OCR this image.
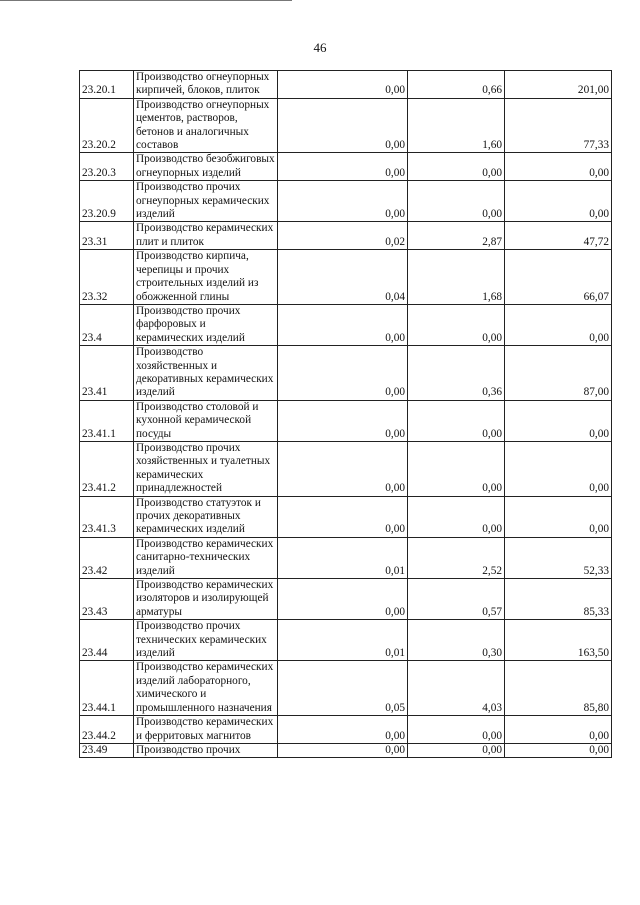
46
23.20.1	Производство огнеупорных кирпичей, блоков, плиток	0,00	0,66	201,00
23.20.2	Производство огнеупорных цементов, растворов, бетонов и аналогичных составов	0,00	1,60	77,33
23.20.3	Производство безобжиговых огнеупорных изделий	0,00	0,00	0,00
23.20.9	Производство прочих огнеупорных керамических изделий	0,00	0,00	0,00
23.31	Производство керамических плит и плиток	0,02	2,87	47,72
23.32	Производство кирпича, черепицы и прочих строительных изделий из обожженной глины	0,04	1,68	66,07
23.4	Производство прочих фарфоровых и керамических изделий	0,00	0,00	0,00
23.41	Производство хозяйственных и декоративных керамических изделий	0,00	0,36	87,00
23.41.1	Производство столовой и кухонной керамической посуды	0,00	0,00	0,00
23.41.2	Производство прочих хозяйственных и туалетных керамических принадлежностей	0,00	0,00	0,00
23.41.3	Производство статуэток и прочих декоративных керамических изделий	0,00	0,00	0,00
23.42	Производство керамических санитарно-технических изделий	0,01	2,52	52,33
23.43	Производство керамических изоляторов и изолирующей арматуры	0,00	0,57	85,33
23.44	Производство прочих технических керамических изделий	0,01	0,30	163,50
23.44.1	Производство керамических изделий лабораторного, химического и промышленного назначения	0,05	4,03	85,80
23.44.2	Производство керамических и ферритовых магнитов	0,00	0,00	0,00
23.49	Производство прочих	0,00	0,00	0,00
